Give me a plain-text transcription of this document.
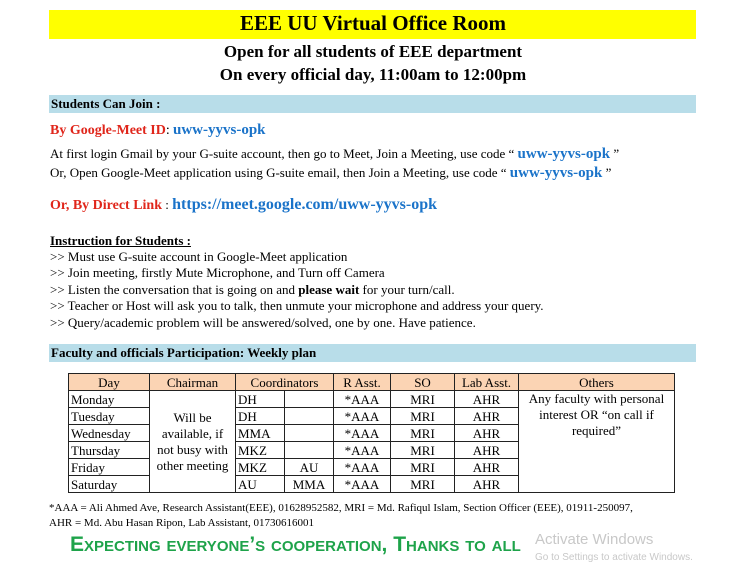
EEE UU Virtual Office Room
Open for all students of EEE department
On every official day, 11:00am to 12:00pm
Students Can Join :
By Google-Meet ID: uww-yyvs-opk
At first login Gmail by your G-suite account, then go to Meet, Join a Meeting, use code “ uww-yyvs-opk ”
Or, Open Google-Meet application using G-suite email, then Join a Meeting, use code “ uww-yyvs-opk ”
Or, By Direct Link : https://meet.google.com/uww-yyvs-opk
Instruction for Students :
>> Must use G-suite account in Google-Meet application
>> Join meeting, firstly Mute Microphone, and Turn off Camera
>> Listen the conversation that is going on and please wait for your turn/call.
>> Teacher or Host will ask you to talk, then unmute your microphone and address your query.
>> Query/academic problem will be answered/solved, one by one. Have patience.
Faculty and officials Participation: Weekly plan
Day	Chairman	Coordinators		R Asst.	SO	Lab Asst.	Others
Monday	Will be available, if not busy with other meeting	DH		*AAA	MRI	AHR	Any faculty with personal interest OR “on call if required”
Tuesday		DH		*AAA	MRI	AHR	
Wednesday		MMA		*AAA	MRI	AHR	
Thursday		MKZ		*AAA	MRI	AHR	
Friday		MKZ	AU	*AAA	MRI	AHR	
Saturday		AU	MMA	*AAA	MRI	AHR	
*AAA = Ali Ahmed Ave, Research Assistant(EEE), 01628952582, MRI = Md. Rafiqul Islam, Section Officer (EEE), 01911-250097,
AHR = Md. Abu Hasan Ripon, Lab Assistant, 01730616001
Expecting everyone’s cooperation, Thanks to all Activate Windows
Go to Settings to activate Windows.
